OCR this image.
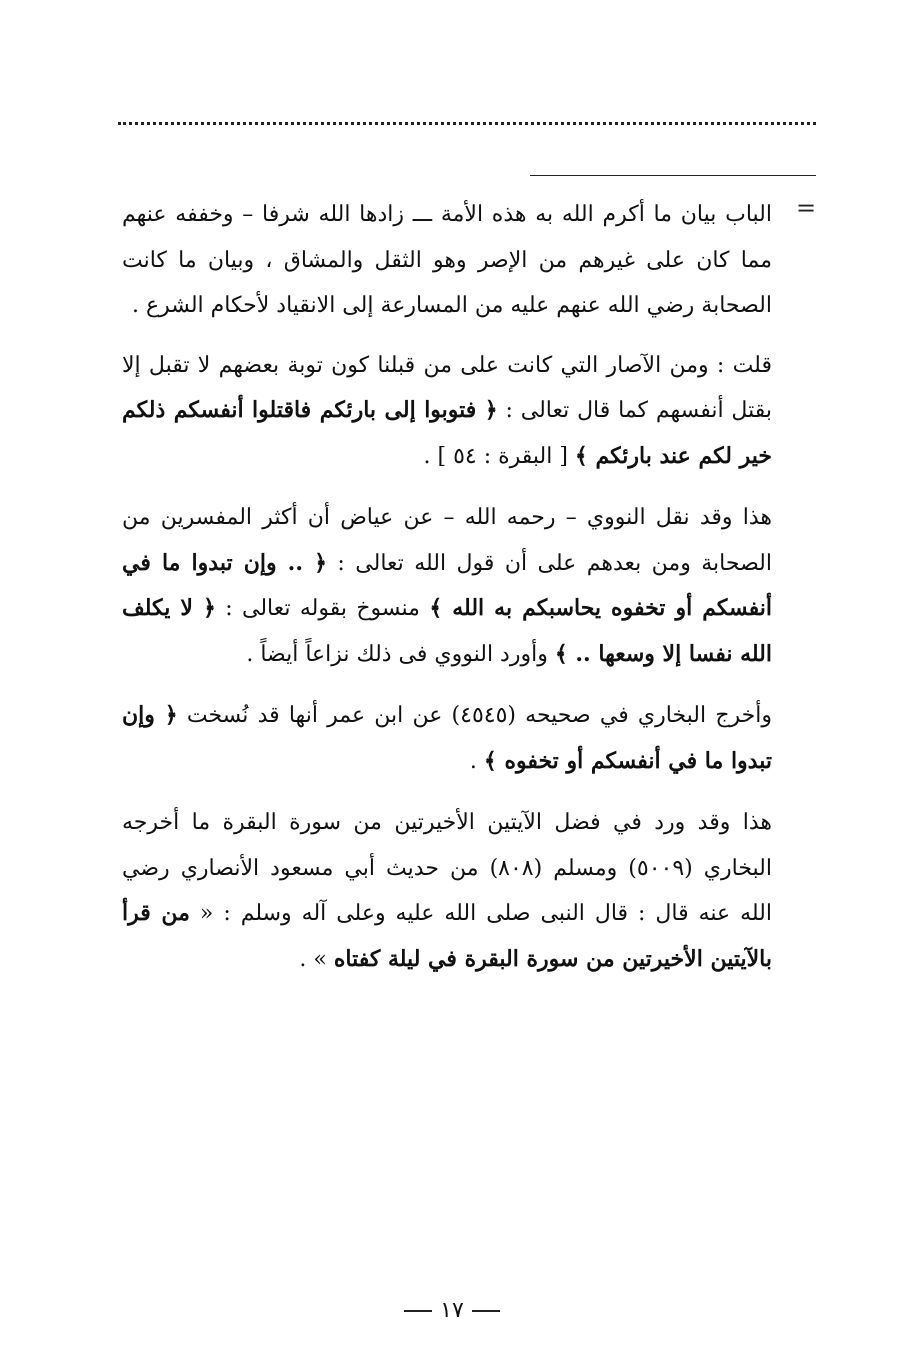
=

الباب بيان ما أكرم الله به هذه الأمة ـــ زادها الله شرفا – وخففه عنهم مما كان على غيرهم من الإصر وهو الثقل والمشاق ، وبيان ما كانت الصحابة رضي الله عنهم عليه من المسارعة إلى الانقياد لأحكام الشرع .

قلت : ومن الآصار التي كانت على من قبلنا كون توبة بعضهم لا تقبل إلا بقتل أنفسهم كما قال تعالى : ﴿ فتوبوا إلى بارئكم فاقتلوا أنفسكم ذلكم خير لكم عند بارئكم ﴾ [ البقرة : ٥٤ ] .

هذا وقد نقل النووي – رحمه الله – عن عياض أن أكثر المفسرين من الصحابة ومن بعدهم على أن قول الله تعالى : ﴿ .. وإن تبدوا ما في أنفسكم أو تخفوه يحاسبكم به الله ﴾ منسوخ بقوله تعالى : ﴿ لا يكلف الله نفسا إلا وسعها .. ﴾ وأورد النووي فى ذلك نزاعاً أيضاً .

وأخرج البخاري في صحيحه (٤٥٤٥) عن ابن عمر أنها قد نُسخت ﴿ وإن تبدوا ما في أنفسكم أو تخفوه ﴾ .

هذا وقد ورد في فضل الآيتين الأخيرتين من سورة البقرة ما أخرجه البخاري (٥٠٠٩) ومسلم (٨٠٨) من حديث أبي مسعود الأنصاري رضي الله عنه قال : قال النبى صلى الله عليه وعلى آله وسلم : « من قرأ بالآيتين الأخيرتين من سورة البقرة في ليلة كفتاه » .

١٧
